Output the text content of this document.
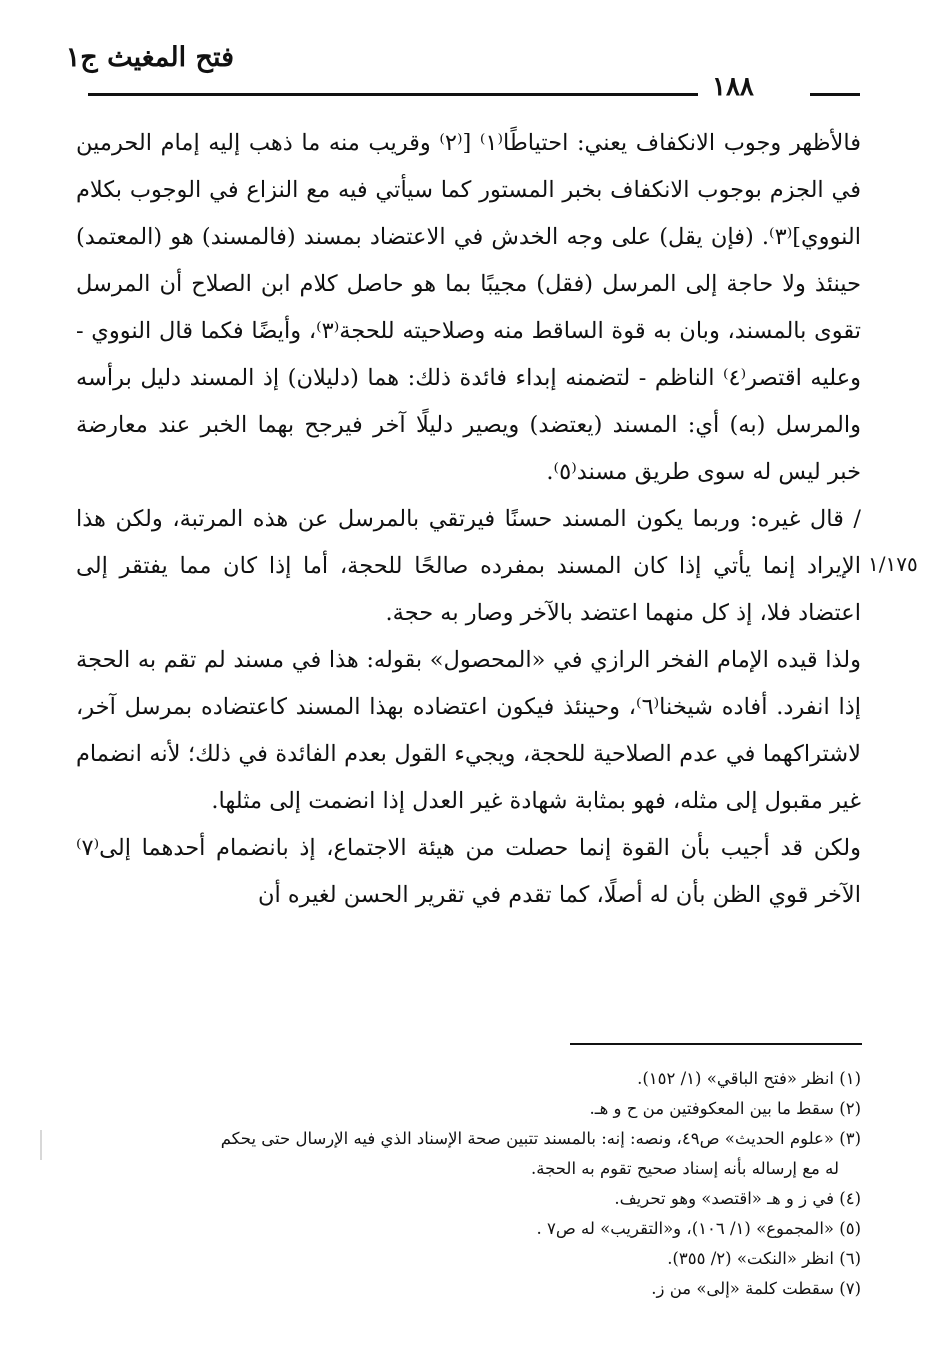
فتح المغيث ج١
١٨٨
١/١٧٥

فالأظهر وجوب الانكفاف يعني: احتياطًا⁽١⁾ [⁽٢⁾ وقريب منه ما ذهب إليه إمام الحرمين في الجزم بوجوب الانكفاف بخبر المستور كما سيأتي فيه مع النزاع في الوجوب بكلام النووي]⁽٣⁾. (فإن يقل) على وجه الخدش في الاعتضاد بمسند (فالمسند) هو (المعتمد) حينئذ ولا حاجة إلى المرسل (فقل) مجيبًا بما هو حاصل كلام ابن الصلاح أن المرسل تقوى بالمسند، وبان به قوة الساقط منه وصلاحيته للحجة⁽٣⁾، وأيضًا فكما قال النووي - وعليه اقتصر⁽٤⁾ الناظم - لتضمنه إبداء فائدة ذلك: هما (دليلان) إذ المسند دليل برأسه والمرسل (به) أي: المسند (يعتضد) ويصير دليلًا آخر فيرجح بهما الخبر عند معارضة خبر ليس له سوى طريق مسند⁽٥⁾.

/ قال غيره: وربما يكون المسند حسنًا فيرتقي بالمرسل عن هذه المرتبة، ولكن هذا الإيراد إنما يأتي إذا كان المسند بمفرده صالحًا للحجة، أما إذا كان مما يفتقر إلى اعتضاد فلا، إذ كل منهما اعتضد بالآخر وصار به حجة.

ولذا قيده الإمام الفخر الرازي في «المحصول» بقوله: هذا في مسند لم تقم به الحجة إذا انفرد. أفاده شيخنا⁽٦⁾، وحينئذ فيكون اعتضاده بهذا المسند كاعتضاده بمرسل آخر، لاشتراكهما في عدم الصلاحية للحجة، ويجيء القول بعدم الفائدة في ذلك؛ لأنه انضمام غير مقبول إلى مثله، فهو بمثابة شهادة غير العدل إذا انضمت إلى مثلها.

ولكن قد أجيب بأن القوة إنما حصلت من هيئة الاجتماع، إذ بانضمام أحدهما إلى⁽٧⁾ الآخر قوي الظن بأن له أصلًا، كما تقدم في تقرير الحسن لغيره أن

(١) انظر «فتح الباقي» (١/ ١٥٢).

(٢) سقط ما بين المعكوفتين من ح و هـ.

(٣) «علوم الحديث» ص٤٩، ونصه: إنه: بالمسند تتبين صحة الإسناد الذي فيه الإرسال حتى يحكم

له مع إرساله بأنه إسناد صحيح تقوم به الحجة.

(٤) في ز و هـ «اقتصد» وهو تحريف.

(٥) «المجموع» (١/ ١٠٦)، و«التقريب» له ص٧ .

(٦) انظر «النكت» (٢/ ٣٥٥).

(٧) سقطت كلمة «إلى» من ز.
